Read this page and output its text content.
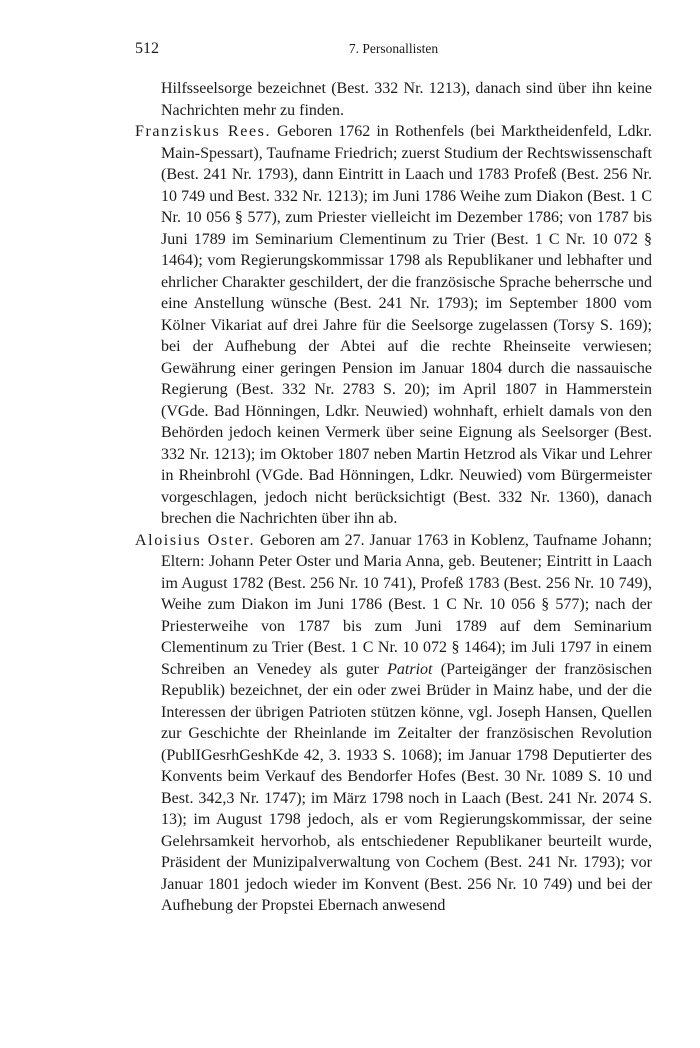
512	7. Personallisten

Hilfsseelsorge bezeichnet (Best. 332 Nr. 1213), danach sind über ihn keine Nachrichten mehr zu finden.

Franziskus Rees. Geboren 1762 in Rothenfels (bei Marktheidenfeld, Ldkr. Main-Spessart), Taufname Friedrich; zuerst Studium der Rechtswissenschaft (Best. 241 Nr. 1793), dann Eintritt in Laach und 1783 Profeß (Best. 256 Nr. 10 749 und Best. 332 Nr. 1213); im Juni 1786 Weihe zum Diakon (Best. 1 C Nr. 10 056 § 577), zum Priester vielleicht im Dezember 1786; von 1787 bis Juni 1789 im Seminarium Clementinum zu Trier (Best. 1 C Nr. 10 072 § 1464); vom Regierungskommissar 1798 als Republikaner und lebhafter und ehrlicher Charakter geschildert, der die französische Sprache beherrsche und eine Anstellung wünsche (Best. 241 Nr. 1793); im September 1800 vom Kölner Vikariat auf drei Jahre für die Seelsorge zugelassen (Torsy S. 169); bei der Aufhebung der Abtei auf die rechte Rheinseite verwiesen; Gewährung einer geringen Pension im Januar 1804 durch die nassauische Regierung (Best. 332 Nr. 2783 S. 20); im April 1807 in Hammerstein (VGde. Bad Hönningen, Ldkr. Neuwied) wohnhaft, erhielt damals von den Behörden jedoch keinen Vermerk über seine Eignung als Seelsorger (Best. 332 Nr. 1213); im Oktober 1807 neben Martin Hetzrod als Vikar und Lehrer in Rheinbrohl (VGde. Bad Hönningen, Ldkr. Neuwied) vom Bürgermeister vorgeschlagen, jedoch nicht berücksichtigt (Best. 332 Nr. 1360), danach brechen die Nachrichten über ihn ab.

Aloisius Oster. Geboren am 27. Januar 1763 in Koblenz, Taufname Johann; Eltern: Johann Peter Oster und Maria Anna, geb. Beutener; Eintritt in Laach im August 1782 (Best. 256 Nr. 10 741), Profeß 1783 (Best. 256 Nr. 10 749), Weihe zum Diakon im Juni 1786 (Best. 1 C Nr. 10 056 § 577); nach der Priesterweihe von 1787 bis zum Juni 1789 auf dem Seminarium Clementinum zu Trier (Best. 1 C Nr. 10 072 § 1464); im Juli 1797 in einem Schreiben an Venedey als guter Patriot (Parteigänger der französischen Republik) bezeichnet, der ein oder zwei Brüder in Mainz habe, und der die Interessen der übrigen Patrioten stützen könne, vgl. Joseph Hansen, Quellen zur Geschichte der Rheinlande im Zeitalter der französischen Revolution (PublIGesrhGeshKde 42, 3. 1933 S. 1068); im Januar 1798 Deputierter des Konvents beim Verkauf des Bendorfer Hofes (Best. 30 Nr. 1089 S. 10 und Best. 342,3 Nr. 1747); im März 1798 noch in Laach (Best. 241 Nr. 2074 S. 13); im August 1798 jedoch, als er vom Regierungskommissar, der seine Gelehrsamkeit hervorhob, als entschiedener Republikaner beurteilt wurde, Präsident der Munizipalverwaltung von Cochem (Best. 241 Nr. 1793); vor Januar 1801 jedoch wieder im Konvent (Best. 256 Nr. 10 749) und bei der Aufhebung der Propstei Ebernach anwesend
